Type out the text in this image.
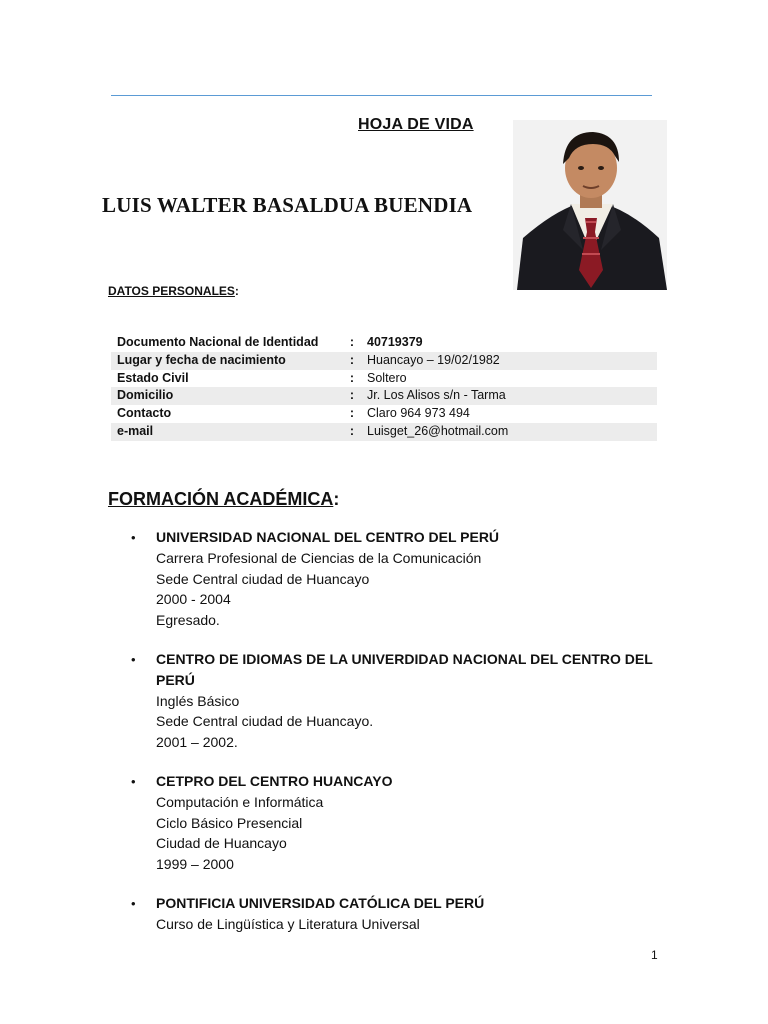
HOJA DE VIDA
LUIS WALTER BASALDUA BUENDIA
DATOS PERSONALES:
Documento Nacional de Identidad	:	40719379
Lugar y fecha de nacimiento	:	Huancayo – 19/02/1982
Estado Civil	:	Soltero
Domicilio	:	Jr. Los Alisos s/n - Tarma
Contacto	:	Claro 964 973 494
e-mail	:	Luisget_26@hotmail.com
FORMACIÓN ACADÉMICA:
• UNIVERSIDAD NACIONAL DEL CENTRO DEL PERÚ
Carrera Profesional de Ciencias de la Comunicación
Sede Central ciudad de Huancayo
2000 - 2004
Egresado.
• CENTRO DE IDIOMAS DE LA UNIVERDIDAD NACIONAL DEL CENTRO DEL PERÚ
Inglés Básico
Sede Central ciudad de Huancayo.
2001 – 2002.
• CETPRO DEL CENTRO HUANCAYO
Computación e Informática
Ciclo Básico Presencial
Ciudad de Huancayo
1999 – 2000
• PONTIFICIA UNIVERSIDAD CATÓLICA DEL PERÚ
Curso de Lingüística y Literatura Universal
1
